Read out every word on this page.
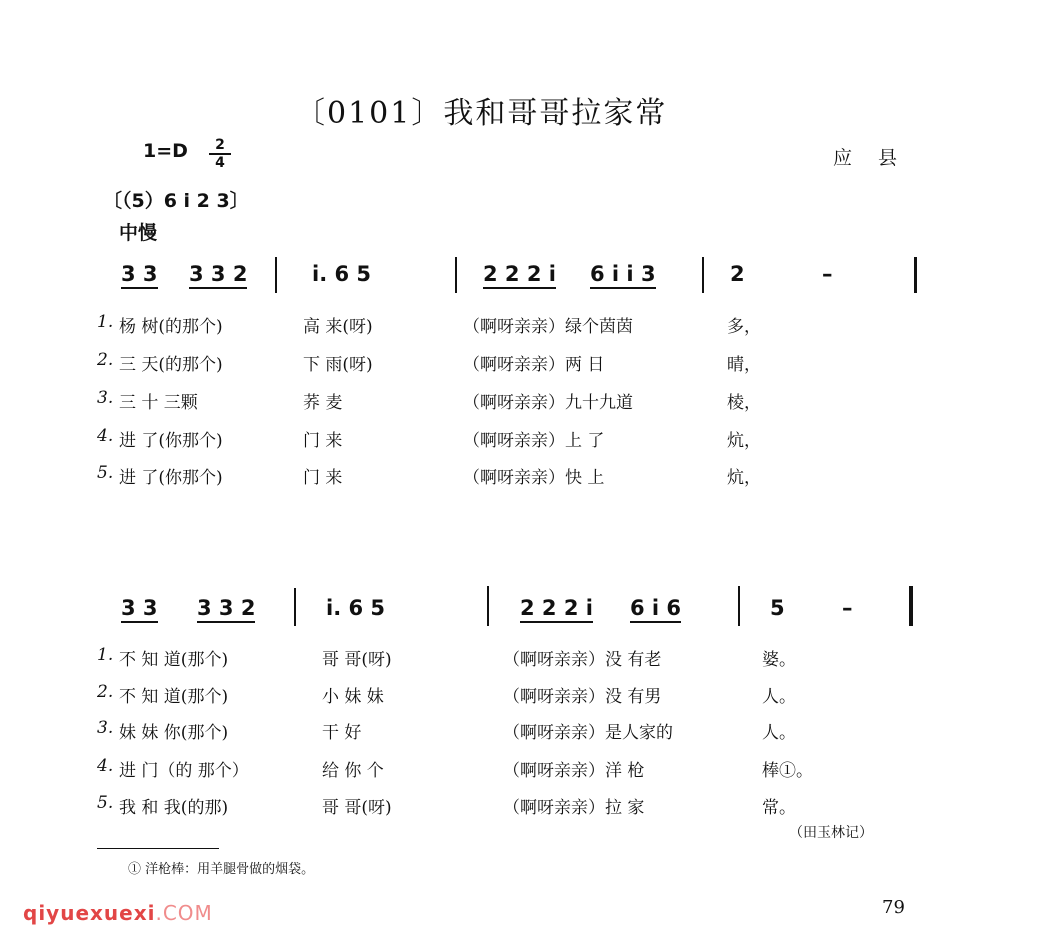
〔0101〕我和哥哥拉家常
1=D	2
4	应 县
〔（5）6 i 2 3〕
中慢
3 3 3 3 2	i. 6 5	2 2 2 i 6 i i 3	2	–
1. 杨 树(的那个)	高 来(呀)	（啊呀亲亲）绿个茵茵	多，
2. 三 天(的那个)	下 雨(呀)	（啊呀亲亲）两 日	晴，
3. 三 十 三颗	荞 麦	（啊呀亲亲）九十九道	棱，
4. 进 了(你那个)	门 来	（啊呀亲亲）上 了	炕，
5. 进 了(你那个)	门 来	（啊呀亲亲）快 上	炕，
3 3 3 3 2	i. 6 5	2 2 2 i 6 i 6	5	–
1. 不 知 道(那个)	哥 哥(呀)	（啊呀亲亲）没 有老	婆。
2. 不 知 道(那个)	小 妹 妹	（啊呀亲亲）没 有男	人。
3. 妹 妹 你(那个)	干 好	（啊呀亲亲）是人家的	人。
4. 进 门（的 那个）	给 你 个	（啊呀亲亲）洋 枪	棒①。
5. 我 和 我(的那)	哥 哥(呀)	（啊呀亲亲）拉 家	常。
（田玉林记）
① 洋枪棒：用羊腿骨做的烟袋。
79
qiyuexuexi.COM
